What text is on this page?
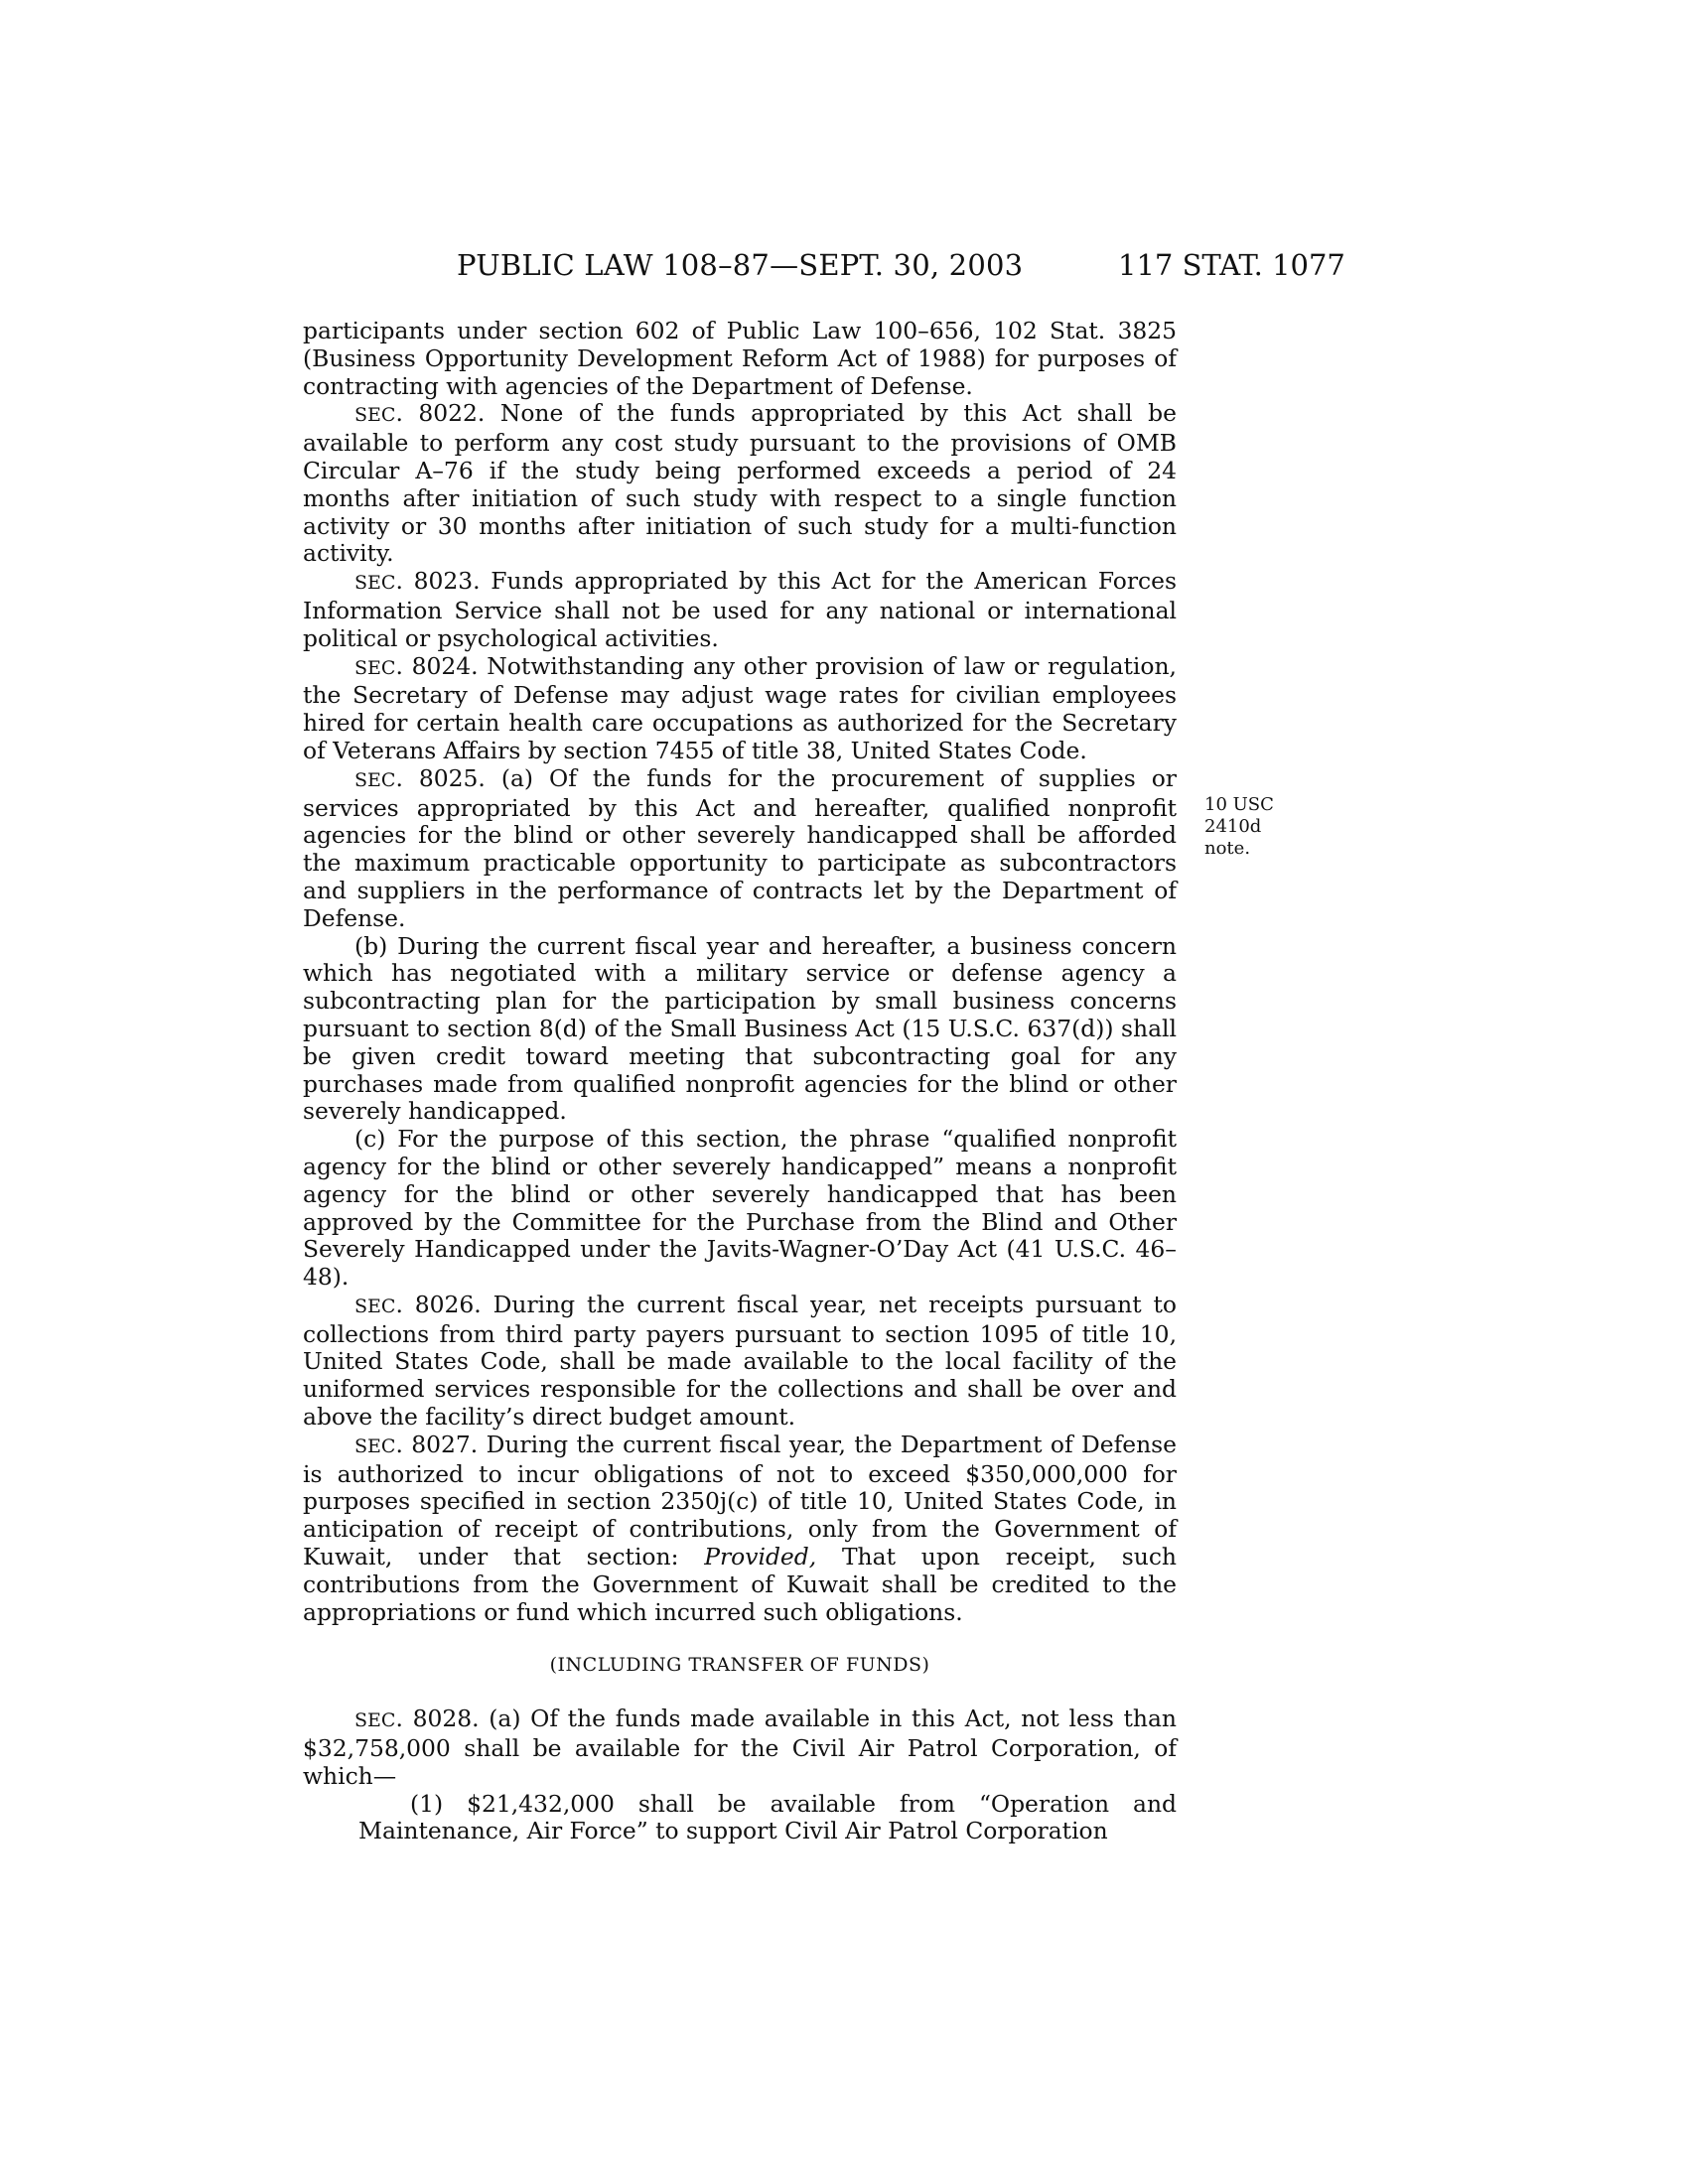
PUBLIC LAW 108–87—SEPT. 30, 2003	117 STAT. 1077
10 USC 2410d
note.

participants under section 602 of Public Law 100–656, 102 Stat. 3825 (Business Opportunity Development Reform Act of 1988) for purposes of contracting with agencies of the Department of Defense.

SEC. 8022. None of the funds appropriated by this Act shall be available to perform any cost study pursuant to the provisions of OMB Circular A–76 if the study being performed exceeds a period of 24 months after initiation of such study with respect to a single function activity or 30 months after initiation of such study for a multi-function activity.

SEC. 8023. Funds appropriated by this Act for the American Forces Information Service shall not be used for any national or international political or psychological activities.

SEC. 8024. Notwithstanding any other provision of law or regulation, the Secretary of Defense may adjust wage rates for civilian employees hired for certain health care occupations as authorized for the Secretary of Veterans Affairs by section 7455 of title 38, United States Code.

SEC. 8025. (a) Of the funds for the procurement of supplies or services appropriated by this Act and hereafter, qualified nonprofit agencies for the blind or other severely handicapped shall be afforded the maximum practicable opportunity to participate as subcontractors and suppliers in the performance of contracts let by the Department of Defense.

(b) During the current fiscal year and hereafter, a business concern which has negotiated with a military service or defense agency a subcontracting plan for the participation by small business concerns pursuant to section 8(d) of the Small Business Act (15 U.S.C. 637(d)) shall be given credit toward meeting that subcontracting goal for any purchases made from qualified nonprofit agencies for the blind or other severely handicapped.

(c) For the purpose of this section, the phrase “qualified nonprofit agency for the blind or other severely handicapped” means a nonprofit agency for the blind or other severely handicapped that has been approved by the Committee for the Purchase from the Blind and Other Severely Handicapped under the Javits-Wagner-O’Day Act (41 U.S.C. 46–48).

SEC. 8026. During the current fiscal year, net receipts pursuant to collections from third party payers pursuant to section 1095 of title 10, United States Code, shall be made available to the local facility of the uniformed services responsible for the collections and shall be over and above the facility’s direct budget amount.

SEC. 8027. During the current fiscal year, the Department of Defense is authorized to incur obligations of not to exceed $350,000,000 for purposes specified in section 2350j(c) of title 10, United States Code, in anticipation of receipt of contributions, only from the Government of Kuwait, under that section: Provided, That upon receipt, such contributions from the Government of Kuwait shall be credited to the appropriations or fund which incurred such obligations.

(INCLUDING TRANSFER OF FUNDS)

SEC. 8028. (a) Of the funds made available in this Act, not less than $32,758,000 shall be available for the Civil Air Patrol Corporation, of which—

(1) $21,432,000 shall be available from “Operation and Maintenance, Air Force” to support Civil Air Patrol Corporation
